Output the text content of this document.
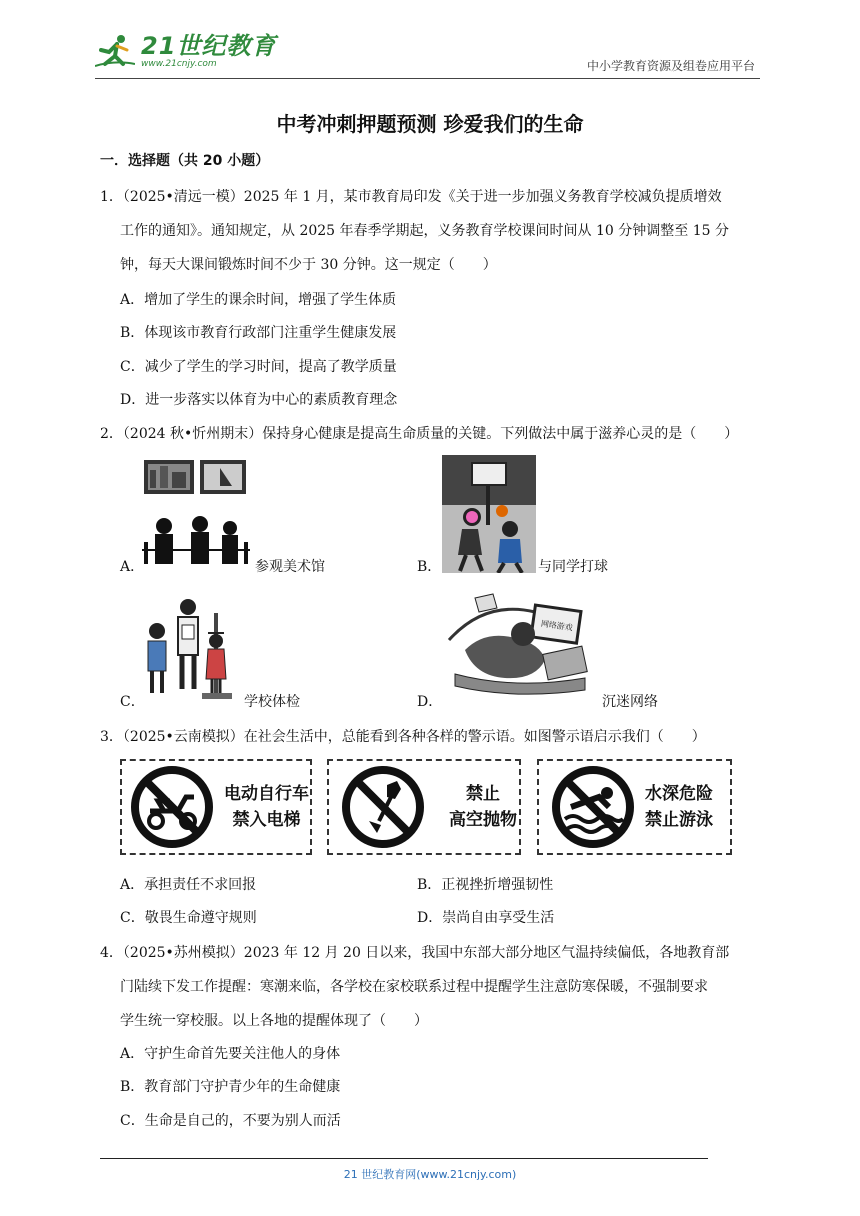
21世纪教育
www.21cnjy.com	中小学教育资源及组卷应用平台
中考冲刺押题预测 珍爱我们的生命
一．选择题（共 20 小题）
1．（2025•清远一模）2025 年 1 月，某市教育局印发《关于进一步加强义务教育学校减负提质增效
工作的通知》。通知规定，从 2025 年春季学期起，义务教育学校课间时间从 10 分钟调整至 15 分
钟，每天大课间锻炼时间不少于 30 分钟。这一规定（　　）
A．增加了学生的课余时间，增强了学生体质
B．体现该市教育行政部门注重学生健康发展
C．减少了学生的学习时间，提高了教学质量
D．进一步落实以体育为中心的素质教育理念
2．（2024 秋•忻州期末）保持身心健康是提高生命质量的关键。下列做法中属于滋养心灵的是（　　）
A．	参观美术馆	B．	与同学打球
C．	学校体检
网络游戏
D．	沉迷网络
3．（2025•云南模拟）在社会生活中，总能看到各种各样的警示语。如图警示语启示我们（　　）
电动自行车
禁入电梯
禁止
高空抛物
水深危险
禁止游泳
A．承担责任不求回报	B．正视挫折增强韧性
C．敬畏生命遵守规则	D．崇尚自由享受生活
4．（2025•苏州模拟）2023 年 12 月 20 日以来，我国中东部大部分地区气温持续偏低，各地教育部
门陆续下发工作提醒：寒潮来临，各学校在家校联系过程中提醒学生注意防寒保暖，不强制要求
学生统一穿校服。以上各地的提醒体现了（　　）
A．守护生命首先要关注他人的身体
B．教育部门守护青少年的生命健康
C．生命是自己的，不要为别人而活
21 世纪教育网(www.21cnjy.com)
